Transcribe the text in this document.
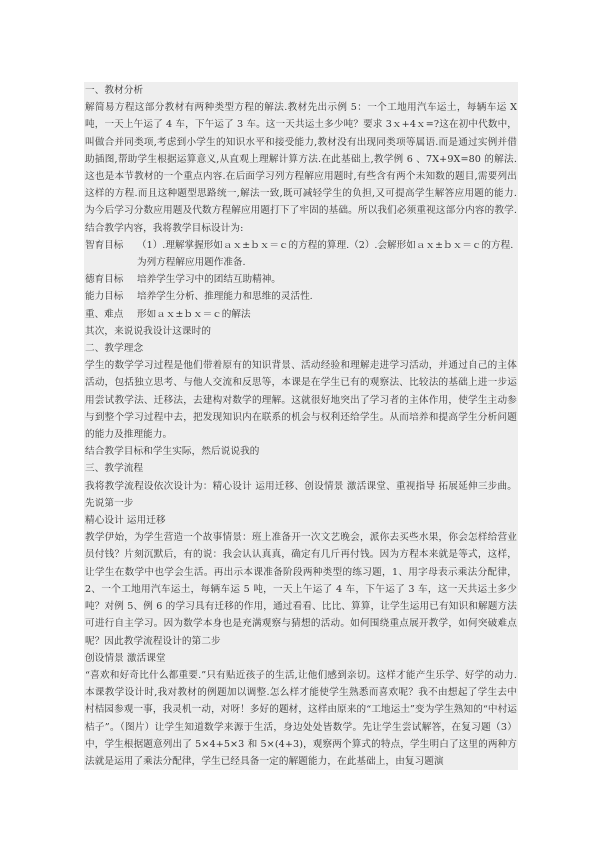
一、教材分析

解简易方程这部分教材有两种类型方程的解法.教材先出示例 5：一个工地用汽车运土，每辆车运 X 吨，一天上午运了 4 车，下午运了 3 车。这一天共运土多少吨？要求 3ｘ+4ｘ=?这在初中代数中，叫做合并同类项,考虑到小学生的知识水平和接受能力,教材没有出现同类项等属语.而是通过实例并借助插图,帮助学生根据运算意义,从直观上理解计算方法.在此基础上,教学例 6 、7X+9X=80 的解法.这也是本节教材的一个重点内容.在后面学习列方程解应用题时,有些含有两个未知数的题目,需要列出这样的方程.而且这种题型思路统一,解法一致,既可减轻学生的负担,又可提高学生解答应用题的能力.为今后学习分数应用题及代数方程解应用题打下了牢固的基础。所以我们必须重视这部分内容的教学.结合教学内容，我将教学目标设计为:

智育目标	（1）.理解掌握形如ａｘ±ｂｘ＝ｃ的方程的算理.（2）.会解形如ａｘ±ｂｘ＝ｃ的方程.为列方程解应用题作准备.
德育目标	培养学生学习中的团结互助精神。
能力目标	培养学生分析、推理能力和思维的灵活性.
重、难点	形如ａｘ±ｂｘ＝ｃ的解法

其次，来说说我设计这课时的

二、教学理念

学生的数学学习过程是他们带着原有的知识背景、活动经验和理解走进学习活动，并通过自己的主体活动，包括独立思考、与他人交流和反思等，本课是在学生已有的观察法、比较法的基础上进一步运用尝试教学法、迁移法，去建构对数学的理解。这就很好地突出了学习者的主体作用，使学生主动参与到整个学习过程中去，把发现知识内在联系的机会与权利还给学生。从而培养和提高学生分析问题的能力及推理能力。

结合教学目标和学生实际，然后说说我的

三、教学流程

我将教学流程设依次设计为：精心设计 运用迁移、创设情景 激活课堂、重视指导 拓展延伸三步曲。先说第一步

精心设计 运用迁移

教学伊始，为学生营造一个故事情景：班上准备开一次文艺晚会，派你去买些水果，你会怎样给营业员付钱？片刻沉默后，有的说：我会认认真真，确定有几斤再付钱。因为方程本来就是等式，这样，让学生在数学中也学会生活。再出示本课准备阶段两种类型的练习题，1、用字母表示乘法分配律，2、一个工地用汽车运土，每辆车运 5 吨，一天上午运了 4 车，下午运了 3 车，这一天共运土多少吨？对例 5、例 6 的学习具有迁移的作用，通过看看、比比、算算，让学生运用已有知识和解题方法可进行自主学习。因为数学本身也是充满观察与猜想的活动。如何围绕重点展开教学，如何突破难点呢？因此教学流程设计的第二步

创设情景 激活课堂

“喜欢和好奇比什么都重要.”只有贴近孩子的生活,让他们感到亲切。这样才能产生乐学、好学的动力.本课教学设计时,我对教材的例题加以调整.怎么样才能使学生熟悉而喜欢呢？我不由想起了学生去中村桔园参观一事，我灵机一动，对呀！多好的题材，这样由原来的“工地运土”变为学生熟知的“中村运桔子”。（图片）让学生知道数学来源于生活，身边处处皆数学。先让学生尝试解答，在复习题（3）中，学生根据题意列出了 5×4+5×3 和 5×(4+3)，观察两个算式的特点，学生明白了这里的两种方法就是运用了乘法分配律，学生已经具备一定的解题能力，在此基础上，由复习题演
